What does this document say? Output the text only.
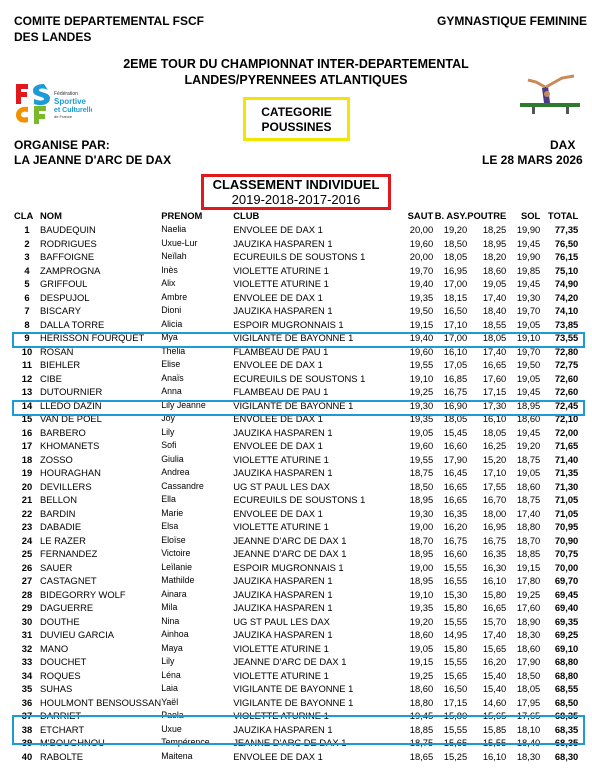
COMITE DEPARTEMENTAL FSCF
DES LANDES
GYMNASTIQUE FEMININE
2EME TOUR DU CHAMPIONNAT INTER-DEPARTEMENTAL
LANDES/PYRENNEES ATLANTIQUES
Fédération
Sportive
et Culturelle
de France	CATEGORIE
POUSSINES
ORGANISE PAR:
LA JEANNE D'ARC DE DAX
DAX
LE 28 MARS 2026
CLASSEMENT INDIVIDUEL
2019-2018-2017-2016
CLA	NOM	PRENOM	CLUB	SAUT	B. ASY.	POUTRE	SOL	TOTAL
1	BAUDEQUIN	Naelia	ENVOLEE DE DAX 1	20,00	19,20	18,25	19,90	77,35
2	RODRIGUES	Uxue-Lur	JAUZIKA HASPAREN 1	19,60	18,50	18,95	19,45	76,50
3	BAFFOIGNE	Neïlah	ECUREUILS DE SOUSTONS 1	20,00	18,05	18,20	19,90	76,15
4	ZAMPROGNA	Inès	VIOLETTE ATURINE 1	19,70	16,95	18,60	19,85	75,10
5	GRIFFOUL	Alix	VIOLETTE ATURINE 1	19,40	17,00	19,05	19,45	74,90
6	DESPUJOL	Ambre	ENVOLEE DE DAX 1	19,35	18,15	17,40	19,30	74,20
7	BISCARY	Dioni	JAUZIKA HASPAREN 1	19,50	16,50	18,40	19,70	74,10
8	DALLA TORRE	Alicia	ESPOIR MUGRONNAIS 1	19,15	17,10	18,55	19,05	73,85
9	HERISSON FOURQUET	Mya	VIGILANTE DE BAYONNE 1	19,40	17,00	18,05	19,10	73,55
10	ROSAN	Thelia	FLAMBEAU DE PAU 1	19,60	16,10	17,40	19,70	72,80
11	BIEHLER	Elise	ENVOLEE DE DAX 1	19,55	17,05	16,65	19,50	72,75
12	CIBE	Anaïs	ECUREUILS DE SOUSTONS 1	19,10	16,85	17,60	19,05	72,60
13	DUTOURNIER	Anna	FLAMBEAU DE PAU 1	19,25	16,75	17,15	19,45	72,60
14	LLEDO DAZIN	Lily Jeanne	VIGILANTE DE BAYONNE 1	19,30	16,90	17,30	18,95	72,45
15	VAN DE POEL	Joy	ENVOLEE DE DAX 1	19,35	18,05	16,10	18,60	72,10
16	BARBERO	Lily	JAUZIKA HASPAREN 1	19,05	15,45	18,05	19,45	72,00
17	KHOMANETS	Sofi	ENVOLEE DE DAX 1	19,60	16,60	16,25	19,20	71,65
18	ZOSSO	Giulia	VIOLETTE ATURINE 1	19,55	17,90	15,20	18,75	71,40
19	HOURAGHAN	Andrea	JAUZIKA HASPAREN 1	18,75	16,45	17,10	19,05	71,35
20	DEVILLERS	Cassandre	UG ST PAUL LES DAX	18,50	16,65	17,55	18,60	71,30
21	BELLON	Ella	ECUREUILS DE SOUSTONS 1	18,95	16,65	16,70	18,75	71,05
22	BARDIN	Marie	ENVOLEE DE DAX 1	19,30	16,35	18,00	17,40	71,05
23	DABADIE	Elsa	VIOLETTE ATURINE 1	19,00	16,20	16,95	18,80	70,95
24	LE RAZER	Eloïse	JEANNE D'ARC DE DAX 1	18,70	16,75	16,75	18,70	70,90
25	FERNANDEZ	Victoire	JEANNE D'ARC DE DAX 1	18,95	16,60	16,35	18,85	70,75
26	SAUER	Leïlanie	ESPOIR MUGRONNAIS 1	19,00	15,55	16,30	19,15	70,00
27	CASTAGNET	Mathilde	JAUZIKA HASPAREN 1	18,95	16,55	16,10	17,80	69,70
28	BIDEGORRY WOLF	Ainara	JAUZIKA HASPAREN 1	19,10	15,30	15,80	19,25	69,45
29	DAGUERRE	Mila	JAUZIKA HASPAREN 1	19,35	15,80	16,65	17,60	69,40
30	DOUTHE	Nina	UG ST PAUL LES DAX	19,20	15,55	15,70	18,90	69,35
31	DUVIEU GARCIA	Ainhoa	JAUZIKA HASPAREN 1	18,60	14,95	17,40	18,30	69,25
32	MANO	Maya	VIOLETTE ATURINE 1	19,05	15,80	15,65	18,60	69,10
33	DOUCHET	Lily	JEANNE D'ARC DE DAX 1	19,15	15,55	16,20	17,90	68,80
34	ROQUES	Léna	VIOLETTE ATURINE 1	19,25	15,65	15,40	18,50	68,80
35	SUHAS	Laia	VIGILANTE DE BAYONNE 1	18,60	16,50	15,40	18,05	68,55
36	HOULMONT BENSOUSSAN	Yaël	VIGILANTE DE BAYONNE 1	18,80	17,15	14,60	17,95	68,50
37	DARRIET	Paola	VIOLETTE ATURINE 1	19,45	15,80	15,65	17,65	68,35
38	ETCHART	Uxue	JAUZIKA HASPAREN 1	18,85	15,55	15,85	18,10	68,35
39	M'BOUGHNOU	Tempérence	JEANNE D'ARC DE DAX 1	18,75	15,65	15,55	18,40	68,35
40	RABOLTE	Maitena	ENVOLEE DE DAX 1	18,65	15,25	16,10	18,30	68,30
